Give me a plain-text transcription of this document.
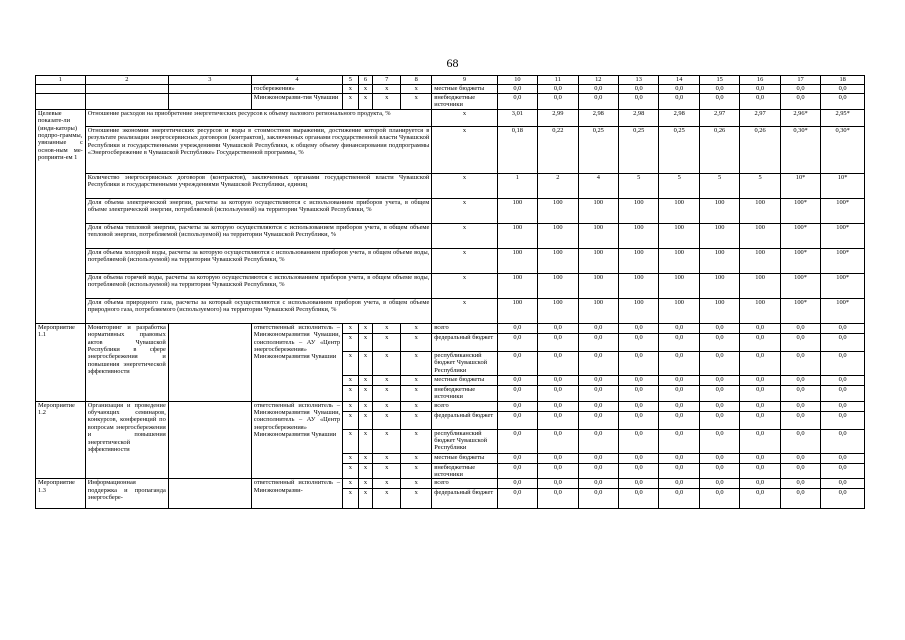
68
1	2	3	4	5	6	7	8	9	10	11	12	13	14	15	16	17	18
			госбережения»	x	x	x	x	местные бюджеты	0,0	0,0	0,0	0,0	0,0	0,0	0,0	0,0	0,0
			Минэкономразви-тия Чувашии	x	x	x	x	внебюджетные источники	0,0	0,0	0,0	0,0	0,0	0,0	0,0	0,0	0,0
Целевые показате-ли (инди-каторы) подпро-граммы, увязанные с основ-ным ме-роприяти-ем 1	Отношение расходов на приобретение энергетических ресурсов к объему валового регионального продукта, %							x	3,01	2,99	2,98	2,98	2,98	2,97	2,97	2,96*	2,95*
	Отношение экономии энергетических ресурсов и воды в стоимостном выражении, достижение которой планируется в результате реализации энергосервисных договоров (контрактов), заключенных органами государственной власти Чувашской Республики и государственными учреждениями Чувашской Республики, к общему объему финансирования подпрограммы «Энергосбережение в Чувашской Республике» Государственной программы, %							x	0,18	0,22	0,25	0,25	0,25	0,26	0,26	0,30*	0,30*
	Количество энергосервисных договоров (контрактов), заключенных органами государственной власти Чувашской Республики и государственными учреждениями Чувашской Республики, единиц							x	1	2	4	5	5	5	5	10*	10*
	Доля объема электрической энергии, расчеты за которую осуществляются с использованием приборов учета, в общем объеме электрической энергии, потребляемой (используемой) на территории Чувашской Республики, %							x	100	100	100	100	100	100	100	100*	100*
	Доля объема тепловой энергии, расчеты за которую осуществляются с использованием приборов учета, в общем объеме тепловой энергии, потребляемой (используемой) на территории Чувашской Республики, %							x	100	100	100	100	100	100	100	100*	100*
	Доля объема холодной воды, расчеты за которую осуществляются с использованием приборов учета, в общем объеме воды, потребляемой (используемой) на территории Чувашской Республики, %							x	100	100	100	100	100	100	100	100*	100*
	Доля объема горячей воды, расчеты за которую осуществляются с использованием приборов учета, в общем объеме воды, потребляемой (используемой) на территории Чувашской Республики, %							x	100	100	100	100	100	100	100	100*	100*
	Доля объема природного газа, расчеты за который осуществляются с использованием приборов учета, в общем объеме природного газа, потребляемого (используемого) на территории Чувашской Республики, %							x	100	100	100	100	100	100	100	100*	100*
Мероприятие 1.1	Мониторинг и разработка нормативных правовых актов Чувашской Республики в сфере энергосбережения и повышения энергетической эффективности		ответственный исполнитель – Минэкономразвития Чувашии, соисполнитель – АУ «Центр энергосбережения» Минэкономразвития Чувашии	x	x	x	x	всего	0,0	0,0	0,0	0,0	0,0	0,0	0,0	0,0	0,0
				x	x	x	x	федеральный бюджет	0,0	0,0	0,0	0,0	0,0	0,0	0,0	0,0	0,0
				x	x	x	x	республиканский бюджет Чувашской Республики	0,0	0,0	0,0	0,0	0,0	0,0	0,0	0,0	0,0
				x	x	x	x	местные бюджеты	0,0	0,0	0,0	0,0	0,0	0,0	0,0	0,0	0,0
				x	x	x	x	внебюджетные источники	0,0	0,0	0,0	0,0	0,0	0,0	0,0	0,0	0,0
Мероприятие 1.2	Организация и проведение обучающих семинаров, конкурсов, конференций по вопросам энергосбережения и повышения энергетической эффективности		ответственный исполнитель – Минэкономразвития Чувашии, соисполнитель – АУ «Центр энергосбережения» Минэкономразвития Чувашии	x	x	x	x	всего	0,0	0,0	0,0	0,0	0,0	0,0	0,0	0,0	0,0
				x	x	x	x	федеральный бюджет	0,0	0,0	0,0	0,0	0,0	0,0	0,0	0,0	0,0
				x	x	x	x	республиканский бюджет Чувашской Республики	0,0	0,0	0,0	0,0	0,0	0,0	0,0	0,0	0,0
				x	x	x	x	местные бюджеты	0,0	0,0	0,0	0,0	0,0	0,0	0,0	0,0	0,0
				x	x	x	x	внебюджетные источники	0,0	0,0	0,0	0,0	0,0	0,0	0,0	0,0	0,0
Мероприятие 1.3	Информационная поддержка и пропаганда энергосбере-		ответственный исполнитель – Минэкономразви-	x	x	x	x	всего	0,0	0,0	0,0	0,0	0,0	0,0	0,0	0,0	0,0
				x	x	x	x	федеральный бюджет	0,0	0,0	0,0	0,0	0,0	0,0	0,0	0,0	0,0
